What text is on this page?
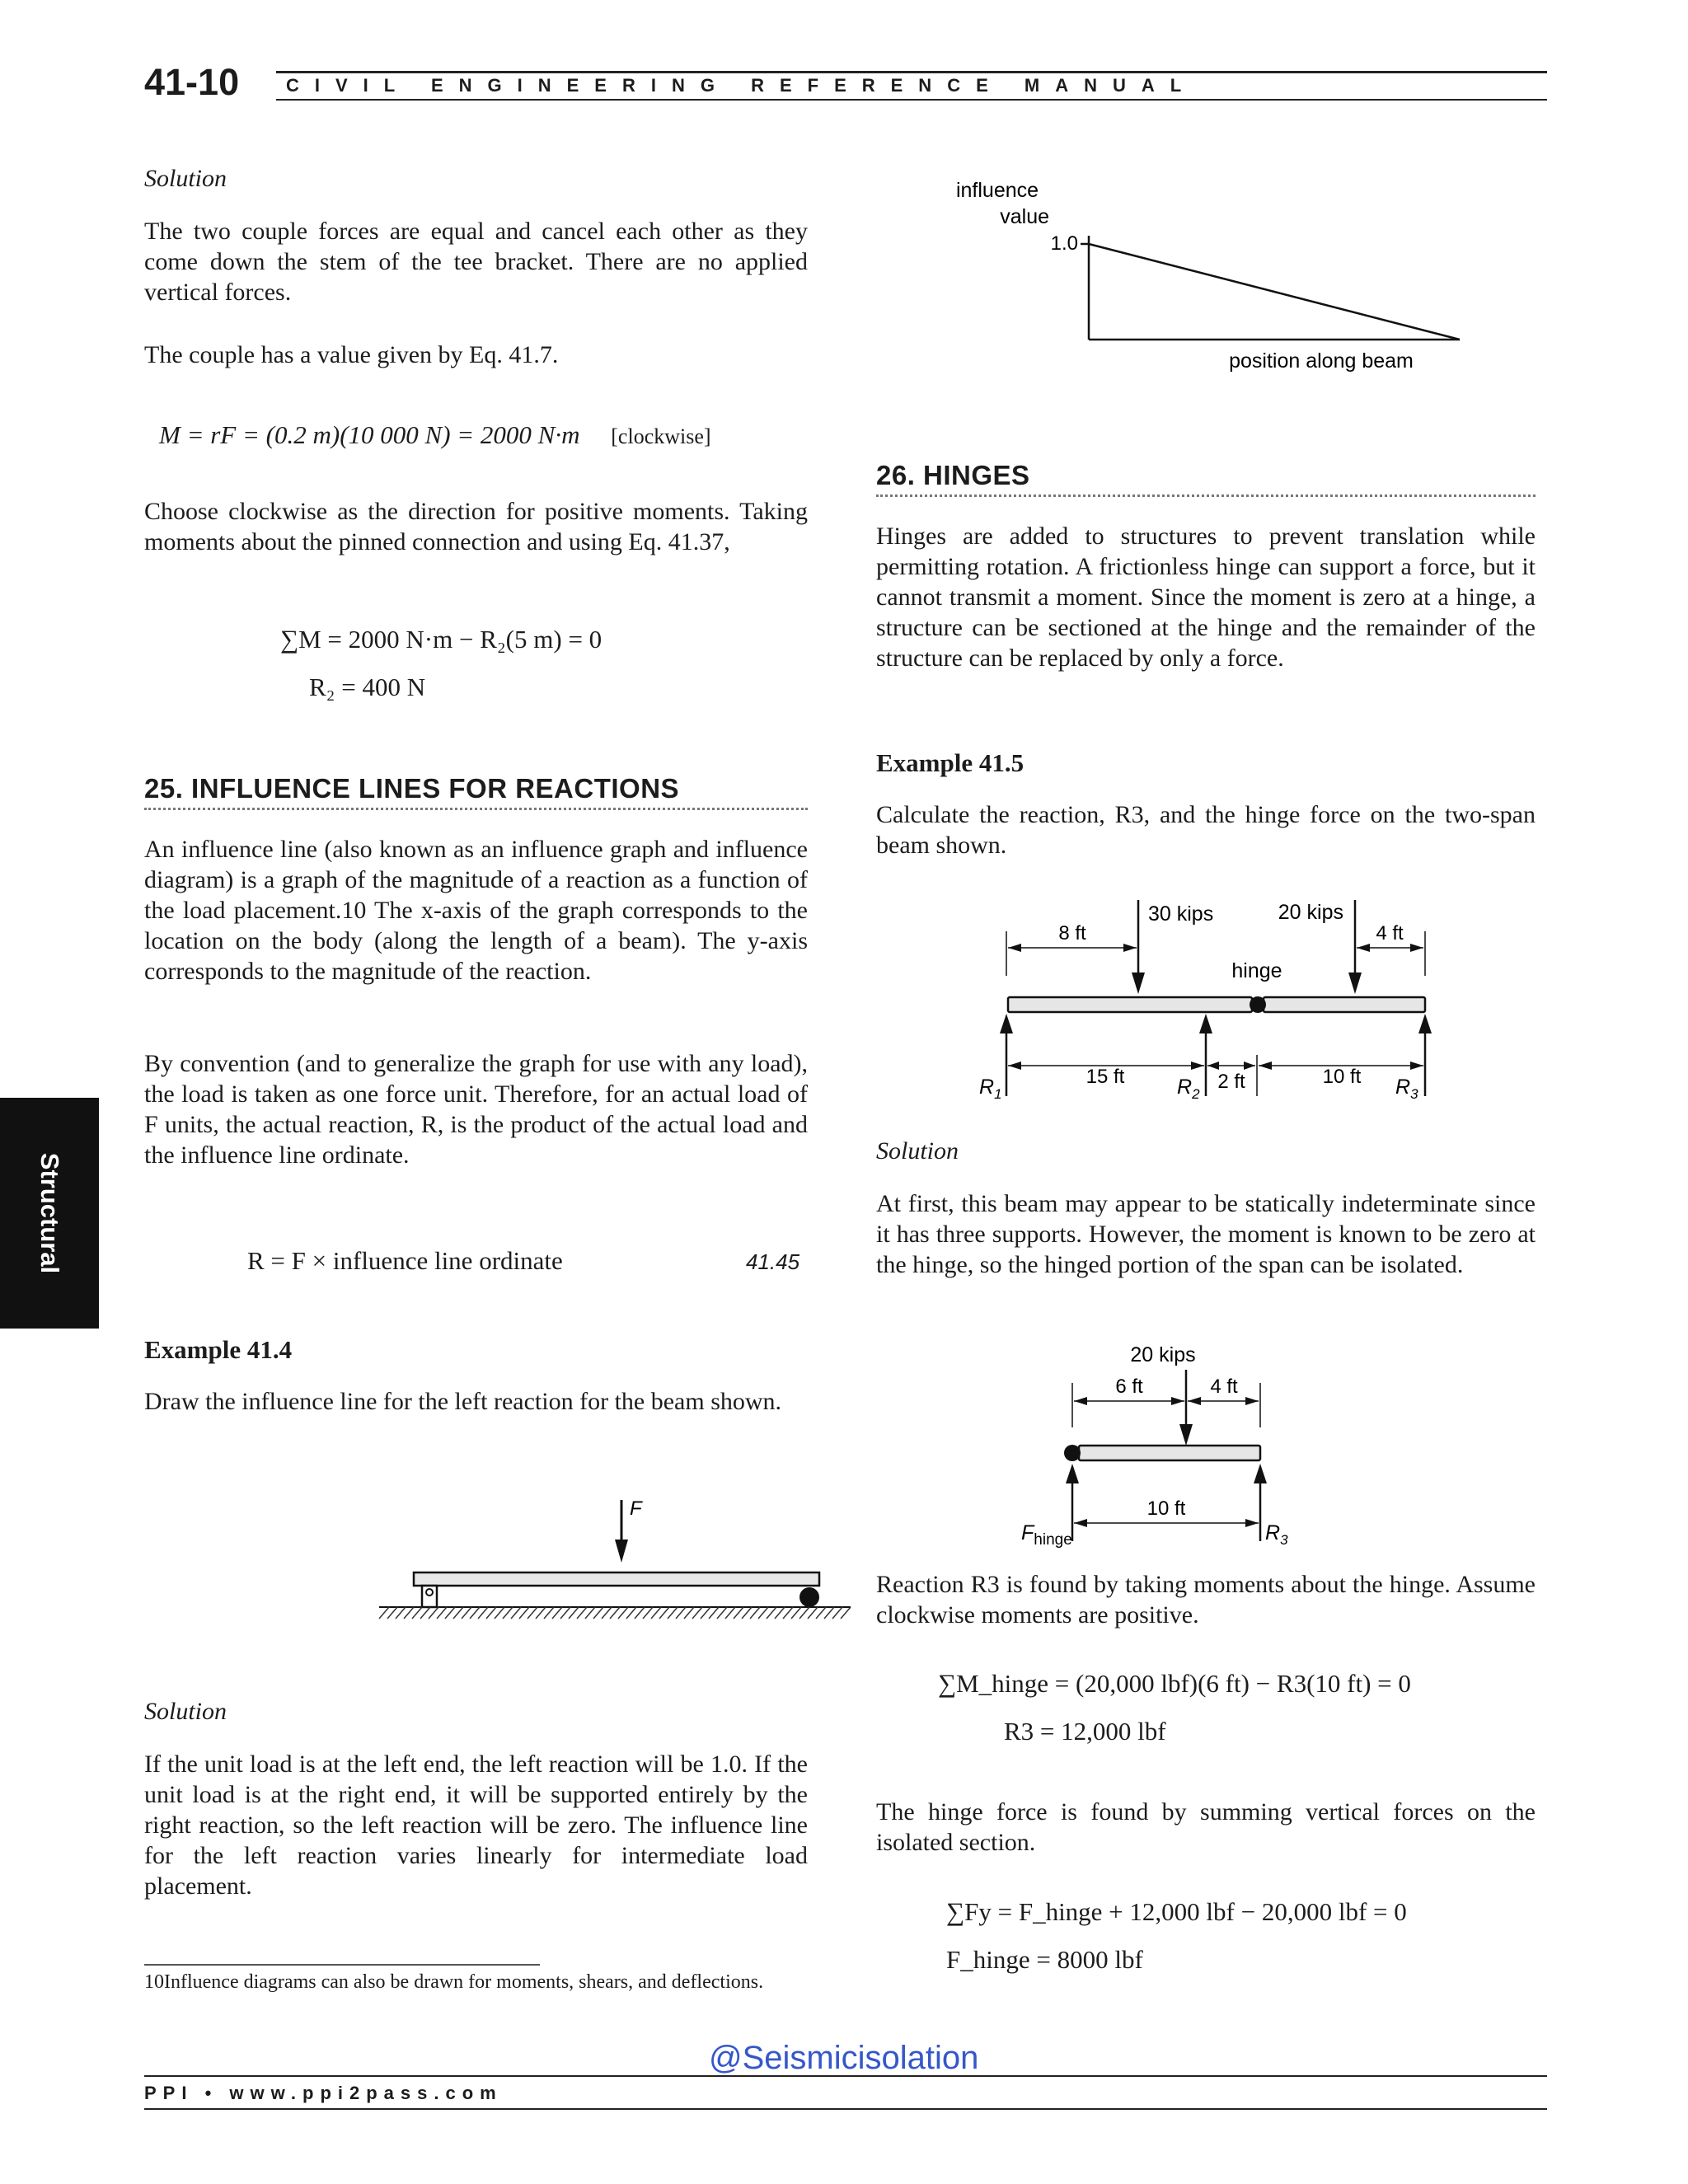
41-10	CIVIL ENGINEERING REFERENCE MANUAL
Structural
Solution

The two couple forces are equal and cancel each other as they come down the stem of the tee bracket. There are no applied vertical forces.

The couple has a value given by Eq. 41.7.

M = rF = (0.2 m)(10 000 N) = 2000 N·m [clockwise]

Choose clockwise as the direction for positive moments. Taking moments about the pinned connection and using Eq. 41.37,

∑M = 2000 N·m − R₂(5 m) = 0
R₂ = 400 N
25. INFLUENCE LINES FOR REACTIONS

An influence line (also known as an influence graph and influence diagram) is a graph of the magnitude of a reaction as a function of the load placement.10 The x-axis of the graph corresponds to the location on the body (along the length of a beam). The y-axis corresponds to the magnitude of the reaction.

By convention (and to generalize the graph for use with any load), the load is taken as one force unit. Therefore, for an actual load of F units, the actual reaction, R, is the product of the actual load and the influence line ordinate.

R = F × influence line ordinate	41.45
Example 41.4

Draw the influence line for the left reaction for the beam shown.

F
Solution

If the unit load is at the left end, the left reaction will be 1.0. If the unit load is at the right end, it will be supported entirely by the right reaction, so the left reaction will be zero. The influence line for the left reaction varies linearly for intermediate load placement.

10Influence diagrams can also be drawn for moments, shears, and deflections.
influence
value
1.0
position along beam
26. HINGES

Hinges are added to structures to prevent translation while permitting rotation. A frictionless hinge can support a force, but it cannot transmit a moment. Since the moment is zero at a hinge, a structure can be sectioned at the hinge and the remainder of the structure can be replaced by only a force.

Example 41.5

Calculate the reaction, R3, and the hinge force on the two-span beam shown.

30 kips	20 kips
8 ft	4 ft
hinge
15 ft	2 ft	10 ft
$R_1$	$R_2$	$R_3$
Solution

At first, this beam may appear to be statically indeterminate since it has three supports. However, the moment is known to be zero at the hinge, so the hinged portion of the span can be isolated.

20 kips
6 ft	4 ft
10 ft
$F_{hinge}$	$R_3$

Reaction R3 is found by taking moments about the hinge. Assume clockwise moments are positive.

∑M_hinge = (20,000 lbf)(6 ft) − R3(10 ft) = 0
R3 = 12,000 lbf

The hinge force is found by summing vertical forces on the isolated section.

∑Fy = F_hinge + 12,000 lbf − 20,000 lbf = 0
F_hinge = 8000 lbf
@Seismicisolation
PPI • www.ppi2pass.com
